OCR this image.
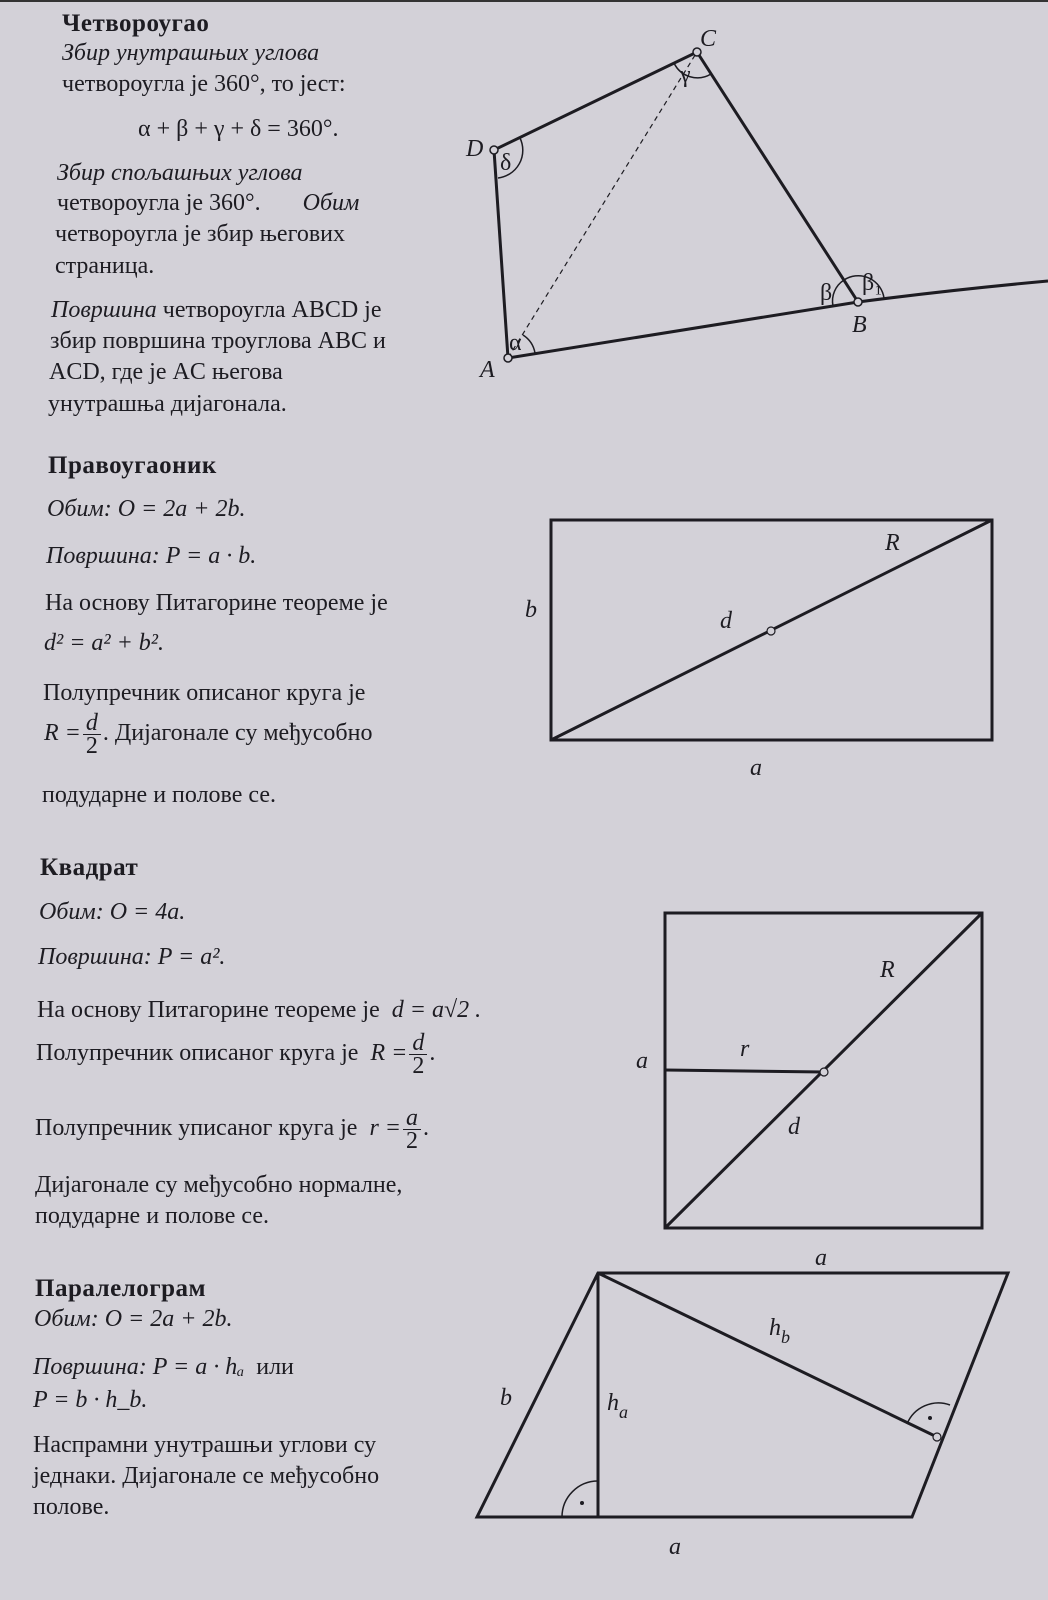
Четвороугао
Збир унутрашњих углова
четвороугла је 360°, то јест:
α + β + γ + δ = 360°.
Збир спољашњих углова
четвороугла је 360°. Обим
четвороугла је збир његових
страница.
Површина четвороугла ABCD је
збир површина троуглова ABC и
ACD, где је AC његова
унутрашња дијагонала.
Правоугаоник
Обим: O = 2a + 2b.
Површина: P = a · b.
На основу Питагорине теореме је
d² = a² + b².
Полупречник описаног круга је
$R = \frac{d}{2}$ . Дијагонале су међусобно
подударне и полове се.
Квадрат
Обим: O = 4a.
Површина: P = a².
На основу Питагорине теореме је d = a√2 .
Полупречник описаног круга је $R = \frac{d}{2}$ .
Полупречник уписаног круга је $r = \frac{a}{2}$ .
Дијагонале су међусобно нормалне,
подударне и полове се.
Паралелограм
Обим: O = 2a + 2b.
Површина: P = a · hₐ или
P = b · h_b.
Наспрамни унутрашњи углови су
једнаки. Дијагонале се међусобно
полове.
C
D
B
A
α
β β₁
γ
δ
R
b	d
a
R
a	r
d
a
b	$h_a$
$h_b$
a
